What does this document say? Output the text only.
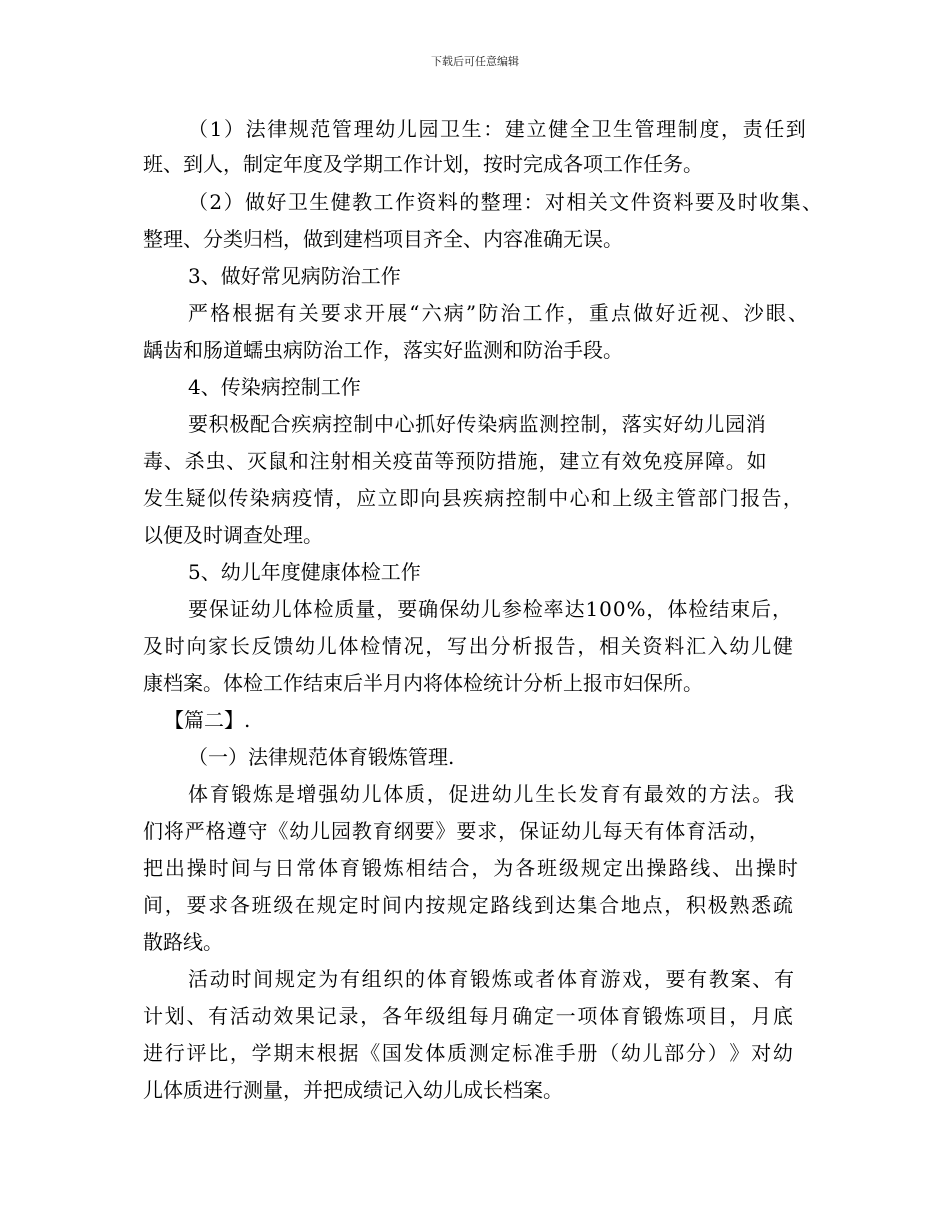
下载后可任意编辑
（ 1 ） 法 律 规 范 管 理 幼 儿 园 卫 生 ： 建 立 健 全 卫 生 管 理 制 度 ， 责 任 到
班、到人，制定年度及学期工作计划，按时完成各项工作任务。
（ 2 ） 做 好 卫 生 健 教 工 作 资 料 的 整 理 ： 对 相 关 文 件 资 料 要 及 时 收 集 、
整理、分类归档，做到建档项目齐全、内容准确无误。
3、做好常见病防治工作
严 格 根 据 有 关 要 求 开 展 “ 六 病 ” 防 治 工 作 ， 重 点 做 好 近 视 、 沙 眼 、
龋齿和肠道蠕虫病防治工作，落实好监测和防治手段。
4、传染病控制工作
要 积 极 配 合 疾 病 控 制 中 心 抓 好 传 染 病 监 测 控 制 ， 落 实 好 幼 儿 园 消
毒 、 杀 虫 、 灭 鼠 和 注 射 相 关 疫 苗 等 预 防 措 施 ， 建 立 有 效 免 疫 屏 障 。 如
发 生 疑 似 传 染 病 疫 情 ， 应 立 即 向 县 疾 病 控 制 中 心 和 上 级 主 管 部 门 报 告 ，
以便及时调查处理。
5、幼儿年度健康体检工作
要 保 证 幼 儿 体 检 质 量 ， 要 确 保 幼 儿 参 检 率 达 1 0 0 % ， 体 检 结 束 后 ，
及 时 向 家 长 反 馈 幼 儿 体 检 情 况 ， 写 出 分 析 报 告 ， 相 关 资 料 汇 入 幼 儿 健
康档案。体检工作结束后半月内将体检统计分析上报市妇保所。
【篇二】.
（一）法律规范体育锻炼管理.
体 育 锻 炼 是 增 强 幼 儿 体 质 ， 促 进 幼 儿 生 长 发 育 有 最 效 的 方 法 。 我
们 将 严 格 遵 守 《 幼 儿 园 教 育 纲 要 》 要 求 ， 保 证 幼 儿 每 天 有 体 育 活 动 ，
把 出 操 时 间 与 日 常 体 育 锻 炼 相 结 合 ， 为 各 班 级 规 定 出 操 路 线 、 出 操 时
间 ， 要 求 各 班 级 在 规 定 时 间 内 按 规 定 路 线 到 达 集 合 地 点 ， 积 极 熟 悉 疏
散路线。
活 动 时 间 规 定 为 有 组 织 的 体 育 锻 炼 或 者 体 育 游 戏 ， 要 有 教 案 、 有
计 划 、 有 活 动 效 果 记 录 ， 各 年 级 组 每 月 确 定 一 项 体 育 锻 炼 项 目 ， 月 底
进 行 评 比 ， 学 期 末 根 据 《 国 发 体 质 测 定 标 准 手 册 （ 幼 儿 部 分 ） 》 对 幼
儿体质进行测量，并把成绩记入幼儿成长档案。
